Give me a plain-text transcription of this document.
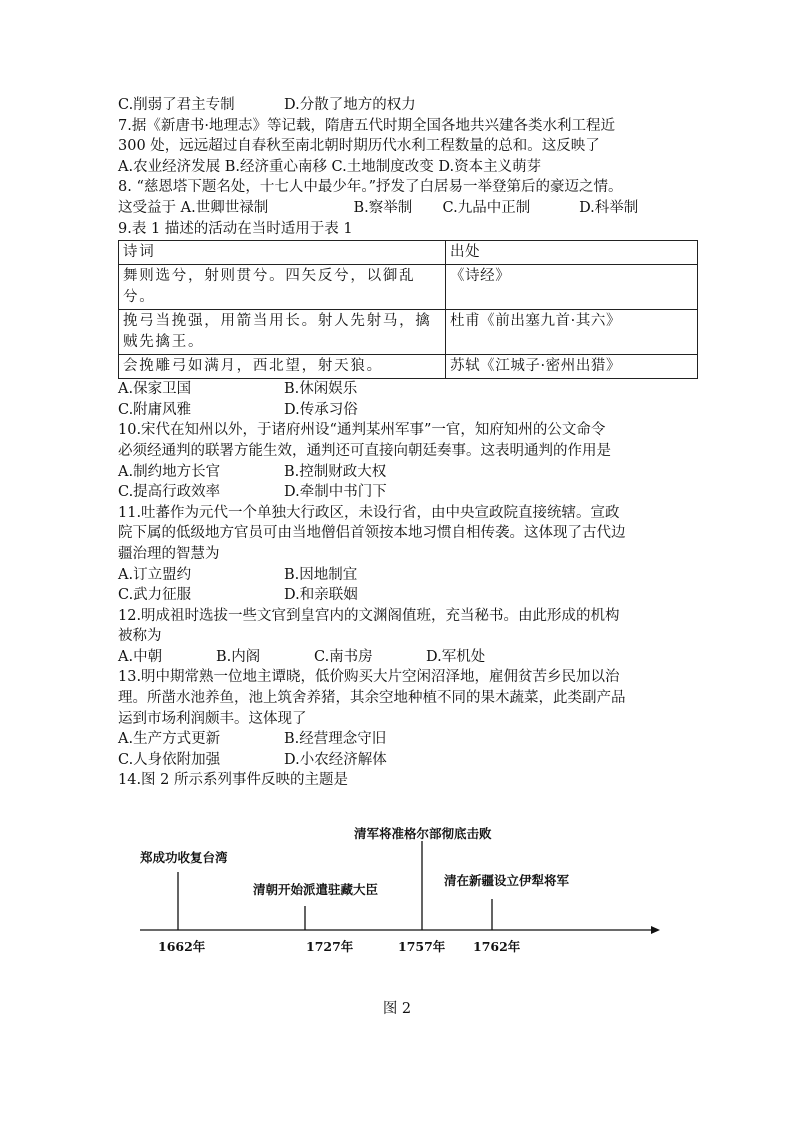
C.削弱了君主专制	D.分散了地方的权力
7.据《新唐书·地理志》等记载，隋唐五代时期全国各地共兴建各类水利工程近
300 处，远远超过自春秋至南北朝时期历代水利工程数量的总和。这反映了
A.农业经济发展 B.经济重心南移 C.土地制度改变 D.资本主义萌芽
8. “慈恩塔下题名处，十七人中最少年。”抒发了白居易一举登第后的豪迈之情。
这受益于 A.世卿世禄制	B.察举制	C.九品中正制	D.科举制
9.表 1 描述的活动在当时适用于表 1
诗词	出处
舞则选兮，射则贯兮。四矢反兮，以御乱兮。	《诗经》
挽弓当挽强，用箭当用长。射人先射马，擒贼先擒王。	杜甫《前出塞九首·其六》
会挽雕弓如满月，西北望，射天狼。	苏轼《江城子·密州出猎》
A.保家卫国	B.休闲娱乐
C.附庸风雅	D.传承习俗
10.宋代在知州以外，于诸府州设“通判某州军事”一官，知府知州的公文命令
必须经通判的联署方能生效，通判还可直接向朝廷奏事。这表明通判的作用是
A.制约地方长官	B.控制财政大权
C.提高行政效率	D.牵制中书门下
11.吐蕃作为元代一个单独大行政区，未设行省，由中央宣政院直接统辖。宣政
院下属的低级地方官员可由当地僧侣首领按本地习惯自相传袭。这体现了古代边
疆治理的智慧为
A.订立盟约	B.因地制宜
C.武力征服	D.和亲联姻
12.明成祖时选拔一些文官到皇宫内的文渊阁值班，充当秘书。由此形成的机构
被称为
A.中朝	B.内阁	C.南书房	D.军机处
13.明中期常熟一位地主谭晓，低价购买大片空闲沼泽地，雇佣贫苦乡民加以治
理。所凿水池养鱼，池上筑舍养猪，其余空地种植不同的果木蔬菜，此类副产品
运到市场利润颇丰。这体现了
A.生产方式更新	B.经营理念守旧
C.人身依附加强	D.小农经济解体
14.图 2 所示系列事件反映的主题是
郑成功收复台湾
1662年
清朝开始派遣驻藏大臣
1727年
清军将准格尔部彻底击败
1757年
清在新疆设立伊犁将军
1762年
图 2
